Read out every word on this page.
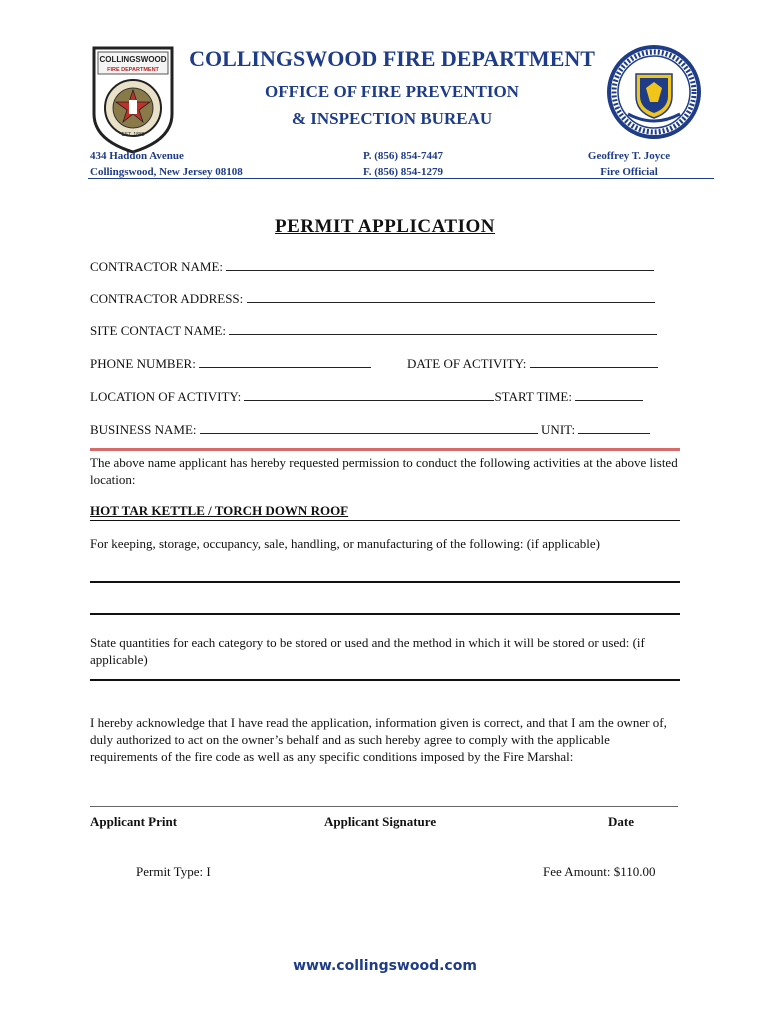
COLLINGSWOOD
FIRE DEPARTMENT
EST. 1888
COLLINGSWOOD FIRE DEPARTMENT
OFFICE OF FIRE PREVENTION
& INSPECTION BUREAU
434 Haddon Avenue
Collingswood, New Jersey 08108
P. (856) 854-7447
F. (856) 854-1279
Geoffrey T. Joyce
Fire Official
PERMIT APPLICATION
CONTRACTOR NAME:
CONTRACTOR ADDRESS:
SITE CONTACT NAME:
PHONE NUMBER:	DATE OF ACTIVITY:
LOCATION OF ACTIVITY:	START TIME:
BUSINESS NAME:	UNIT:
The above name applicant has hereby requested permission to conduct the following activities at the above listed location:
HOT TAR KETTLE / TORCH DOWN ROOF
For keeping, storage, occupancy, sale, handling, or manufacturing of the following: (if applicable)
State quantities for each category to be stored or used and the method in which it will be stored or used: (if applicable)
I hereby acknowledge that I have read the application, information given is correct, and that I am the owner of, duly authorized to act on the owner’s behalf and as such hereby agree to comply with the applicable requirements of the fire code as well as any specific conditions imposed by the Fire Marshal:
Applicant Print	Applicant Signature	Date
Permit Type: I	Fee Amount: $110.00
www.collingswood.com
